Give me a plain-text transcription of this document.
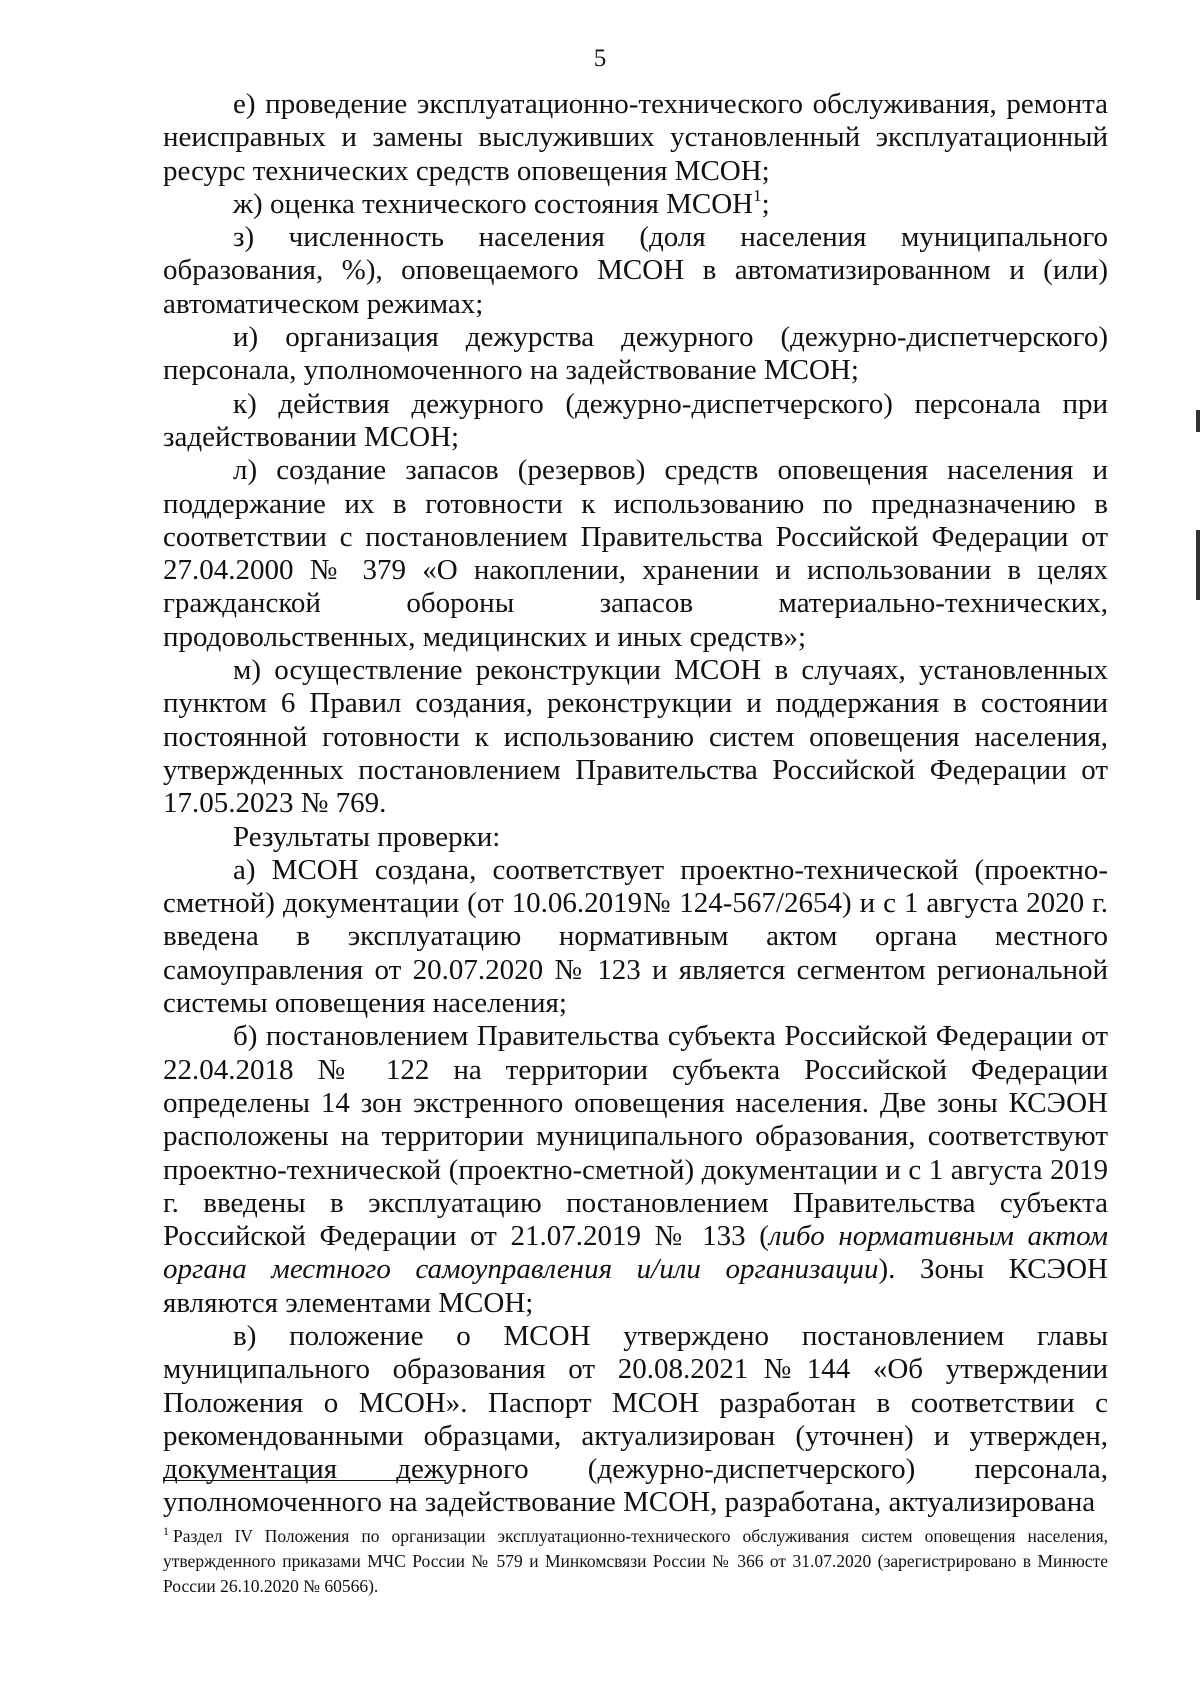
5

е) проведение эксплуатационно-технического обслуживания, ремонта неисправных и замены выслуживших установленный эксплуатационный ресурс технических средств оповещения МСОН;

ж) оценка технического состояния МСОН$^1$;

з) численность населения (доля населения муниципального образования, %), оповещаемого МСОН в автоматизированном и (или) автоматическом режимах;

и) организация дежурства дежурного (дежурно-диспетчерского) персонала, уполномоченного на задействование МСОН;

к) действия дежурного (дежурно-диспетчерского) персонала при задействовании МСОН;

л) создание запасов (резервов) средств оповещения населения и поддержание их в готовности к использованию по предназначению в соответствии с постановлением Правительства Российской Федерации от 27.04.2000 № 379 «О накоплении, хранении и использовании в целях гражданской обороны запасов материально-технических, продовольственных, медицинских и иных средств»;

м) осуществление реконструкции МСОН в случаях, установленных пунктом 6 Правил создания, реконструкции и поддержания в состоянии постоянной готовности к использованию систем оповещения населения, утвержденных постановлением Правительства Российской Федерации от 17.05.2023 № 769.

Результаты проверки:

а) МСОН создана, соответствует проектно-технической (проектно-сметной) документации (от 10.06.2019№ 124-567/2654) и с 1 августа 2020 г. введена в эксплуатацию нормативным актом органа местного самоуправления от 20.07.2020 № 123 и является сегментом региональной системы оповещения населения;

б) постановлением Правительства субъекта Российской Федерации от 22.04.2018 № 122 на территории субъекта Российской Федерации определены 14 зон экстренного оповещения населения. Две зоны КСЭОН расположены на территории муниципального образования, соответствуют проектно-технической (проектно-сметной) документации и с 1 августа 2019 г. введены в эксплуатацию постановлением Правительства субъекта Российской Федерации от 21.07.2019 № 133 (либо нормативным актом органа местного самоуправления и/или организации). Зоны КСЭОН являются элементами МСОН;

в) положение о МСОН утверждено постановлением главы муниципального образования от 20.08.2021№144 «Об утверждении Положения о МСОН». Паспорт МСОН разработан в соответствии с рекомендованными образцами, актуализирован (уточнен) и утвержден, документация дежурного (дежурно-диспетчерского) персонала, уполномоченного на задействование МСОН, разработана, актуализирована

$^1$ Раздел IV Положения по организации эксплуатационно-технического обслуживания систем оповещения населения, утвержденного приказами МЧС России № 579 и Минкомсвязи России № 366 от 31.07.2020 (зарегистрировано в Минюсте России 26.10.2020 № 60566).
